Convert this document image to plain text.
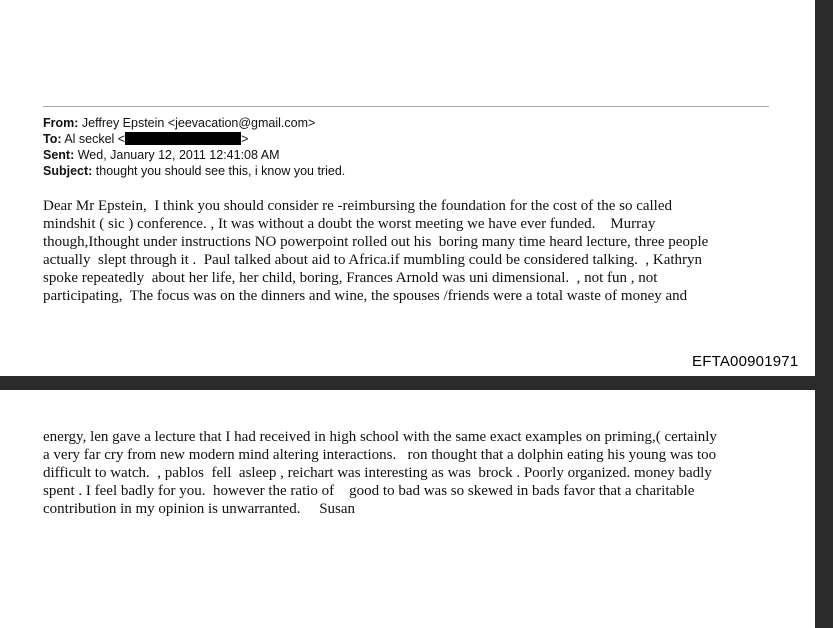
From: Jeffrey Epstein <jeevacation@gmail.com>
To: Al seckel <	>
Sent: Wed, January 12, 2011 12:41:08 AM
Subject: thought you should see this, i know you tried.
Dear Mr Epstein,  I think you should consider re -reimbursing the foundation for the cost of the so called
mindshit ( sic ) conference. , It was without a doubt the worst meeting we have ever funded.    Murray
though,Ithought under instructions NO powerpoint rolled out his  boring many time heard lecture, three people
actually  slept through it .  Paul talked about aid to Africa.if mumbling could be considered talking.  , Kathryn
spoke repeatedly  about her life, her child, boring, Frances Arnold was uni dimensional.  , not fun , not
participating,  The focus was on the dinners and wine, the spouses /friends were a total waste of money and
EFTA00901971
energy, len gave a lecture that I had received in high school with the same exact examples on priming,( certainly
a very far cry from new modern mind altering interactions.   ron thought that a dolphin eating his young was too
difficult to watch.  , pablos  fell  asleep , reichart was interesting as was  brock . Poorly organized. money badly
spent . I feel badly for you.  however the ratio of    good to bad was so skewed in bads favor that a charitable
contribution in my opinion is unwarranted.     Susan
